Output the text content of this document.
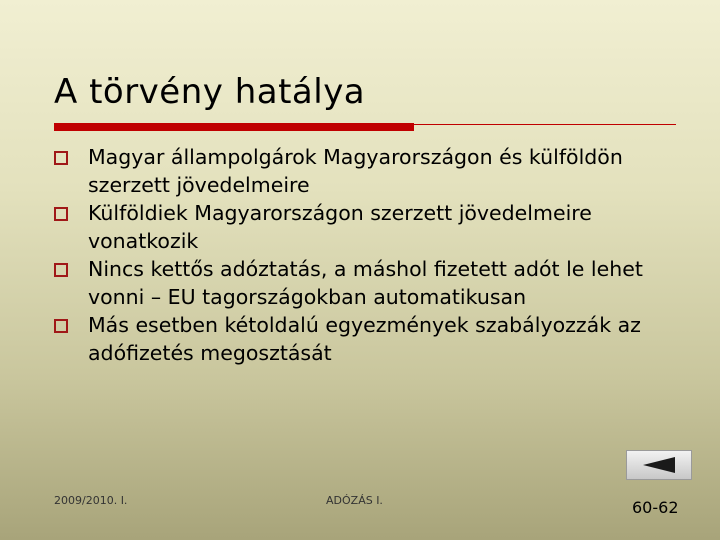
A törvény hatálya
Magyar állampolgárok Magyarországon és külföldön szerzett jövedelmeire
Külföldiek Magyarországon szerzett jövedelmeire vonatkozik
Nincs kettős adóztatás, a máshol fizetett adót le lehet vonni – EU tagországokban automatikusan
Más esetben kétoldalú egyezmények szabályozzák az adófizetés megosztását
2009/2010. I.	ADÓZÁS I.	60-62
